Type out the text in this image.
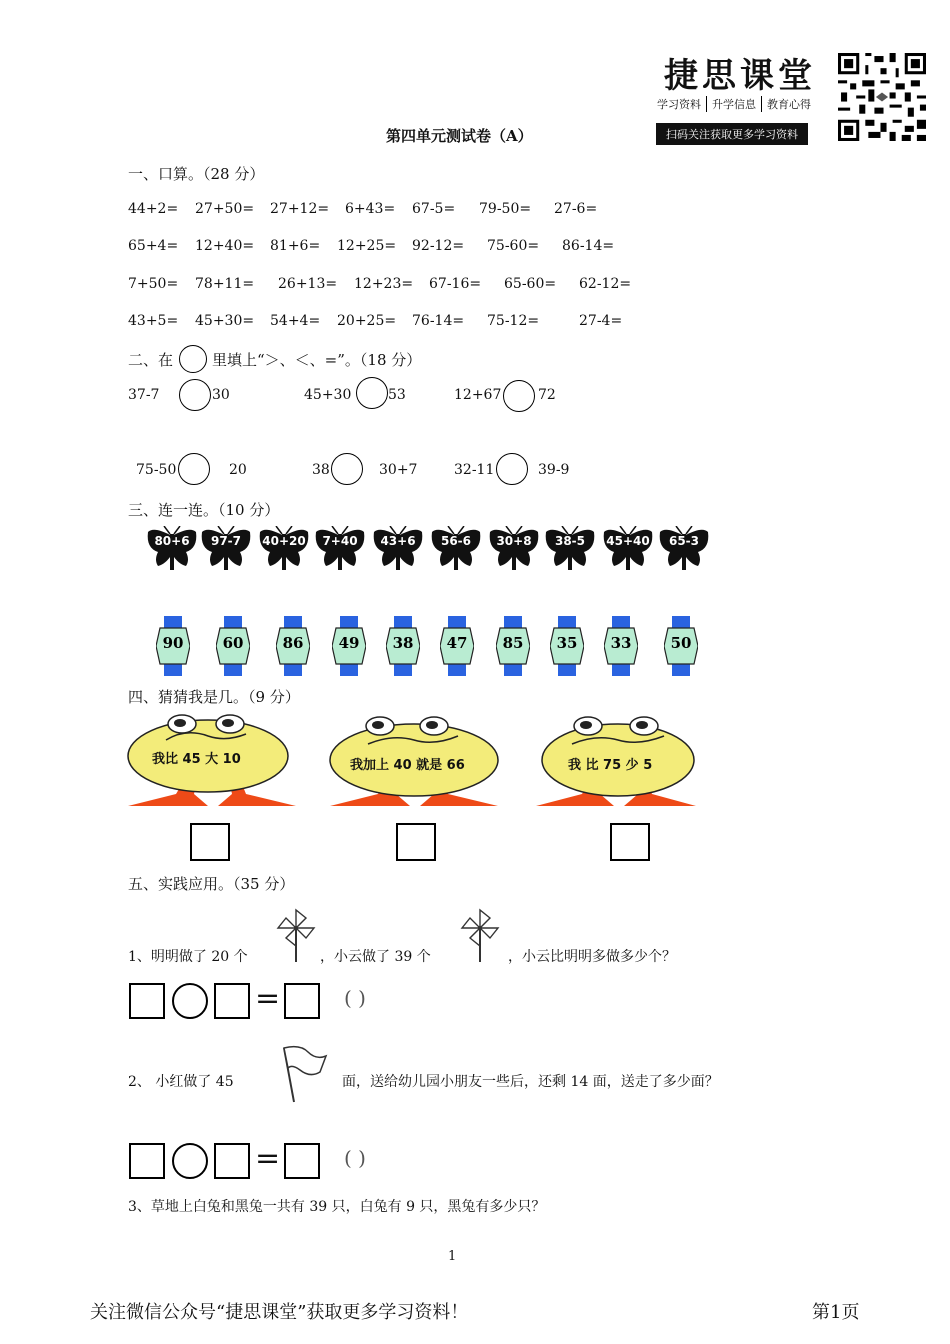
捷思课堂
学习资料 升学信息 教育心得
扫码关注获取更多学习资料
第四单元测试卷（A）
一、口算。（28 分）
44+2= 27+50= 27+12= 6+43= 67-5= 79-50= 27-6=
65+4= 12+40= 81+6= 12+25= 92-12= 75-60= 86-14=
7+50= 78+11= 26+13= 12+23= 67-16= 65-60= 62-12=
43+5= 45+30= 54+4= 20+25= 76-14= 75-12=	27-4=
二、在	里填上“＞、＜、=”。（18 分）
37-7	30	45+30	53	12+67	72
75-50	20	38	30+7	32-11	39-9
三、连一连。（10 分）
80+6	97-7	40+20	7+40	43+6	56-6	30+8	38-5	45+40	65-3
90	60	86	49	38	47	85	35	33	50
四、猜猜我是几。（9 分）
我比 45 大 10	我加上 40 就是 66	我 比 75 少 5
五、实践应用。（35 分）
1、明明做了 20 个	，小云做了 39 个	，小云比明明多做多少个？
=	( )
2、 小红做了 45	面，送给幼儿园小朋友一些后，还剩 14 面，送走了多少面？
=	( )
3、草地上白兔和黑兔一共有 39 只，白兔有 9 只，黑兔有多少只？
1
关注微信公众号“捷思课堂”获取更多学习资料！	第1页
